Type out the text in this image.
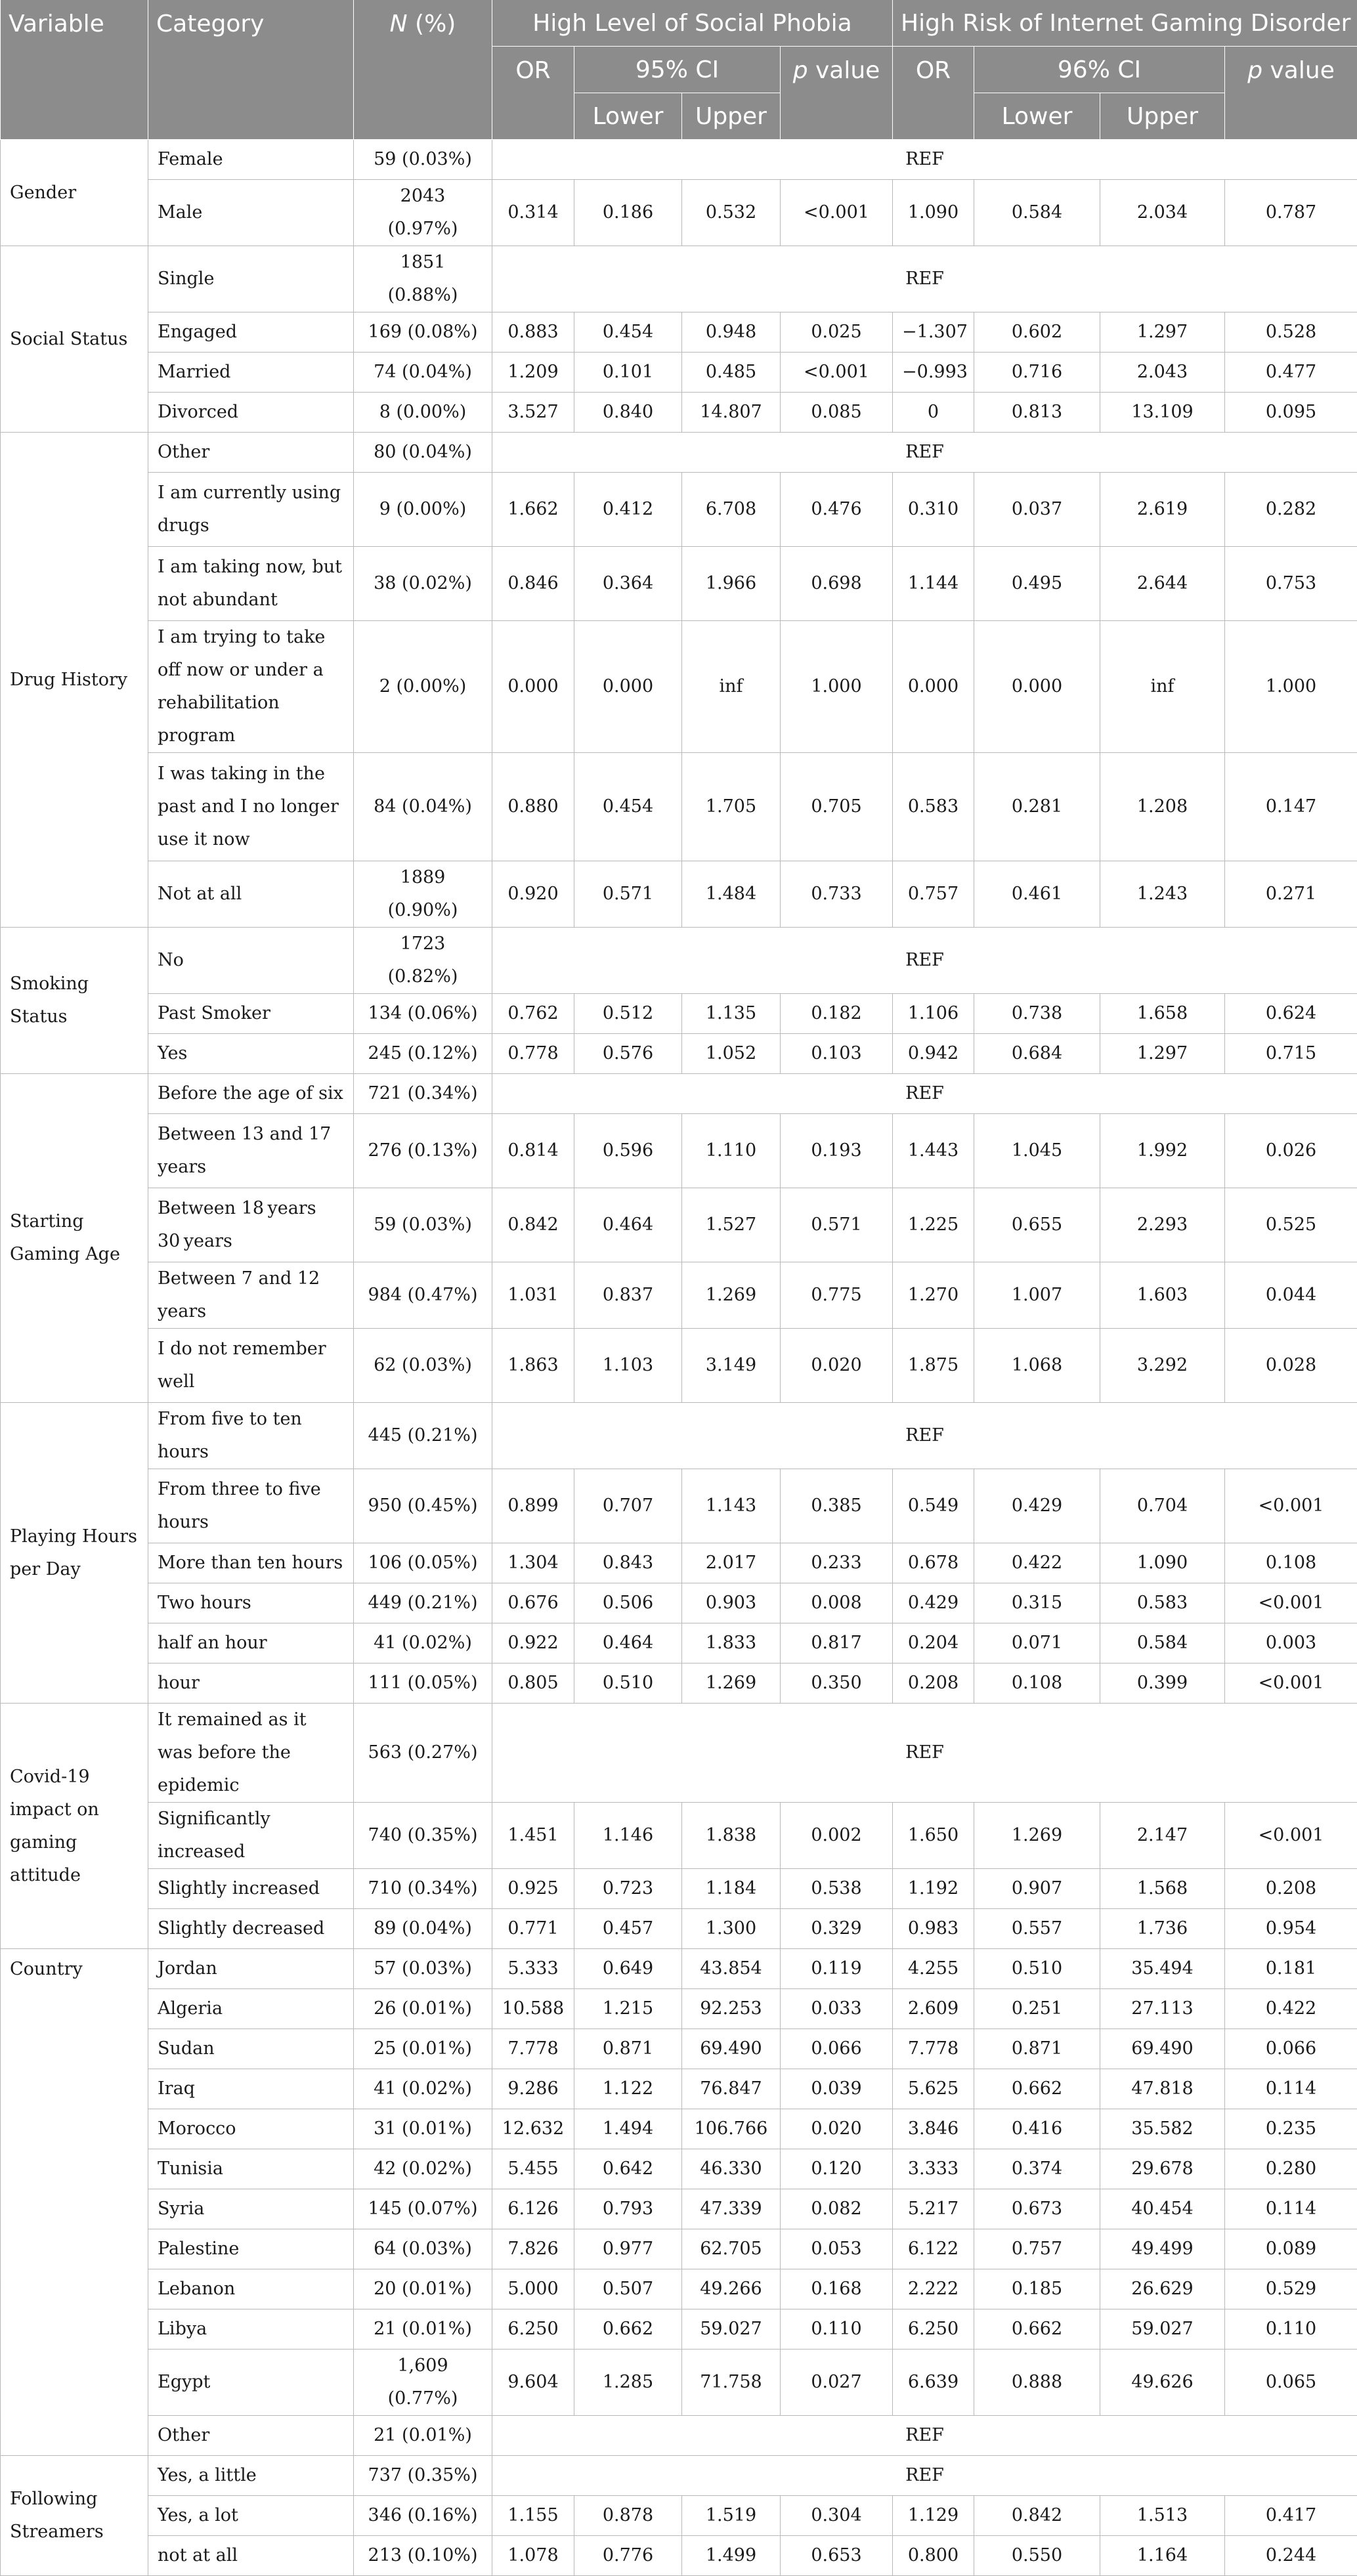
Variable	Category	N (%)	High Level of Social Phobia				High Risk of Internet Gaming Disorder			
			OR	95% CI		p value	OR	96% CI		p value
				Lower	Upper			Lower	Upper	
Gender	Female	59 (0.03%)	REF							
	Male	2043 (0.97%)	0.314	0.186	0.532	<0.001	1.090	0.584	2.034	0.787
Social Status	Single	1851 (0.88%)	REF							
	Engaged	169 (0.08%)	0.883	0.454	0.948	0.025	−1.307	0.602	1.297	0.528
	Married	74 (0.04%)	1.209	0.101	0.485	<0.001	−0.993	0.716	2.043	0.477
	Divorced	8 (0.00%)	3.527	0.840	14.807	0.085	0	0.813	13.109	0.095
Drug History	Other	80 (0.04%)	REF							
	I am currently using drugs	9 (0.00%)	1.662	0.412	6.708	0.476	0.310	0.037	2.619	0.282
	I am taking now, but not abundant	38 (0.02%)	0.846	0.364	1.966	0.698	1.144	0.495	2.644	0.753
	I am trying to take off now or under a rehabilitation program	2 (0.00%)	0.000	0.000	inf	1.000	0.000	0.000	inf	1.000
	I was taking in the past and I no longer use it now	84 (0.04%)	0.880	0.454	1.705	0.705	0.583	0.281	1.208	0.147
	Not at all	1889 (0.90%)	0.920	0.571	1.484	0.733	0.757	0.461	1.243	0.271
Smoking Status	No	1723 (0.82%)	REF							
	Past Smoker	134 (0.06%)	0.762	0.512	1.135	0.182	1.106	0.738	1.658	0.624
	Yes	245 (0.12%)	0.778	0.576	1.052	0.103	0.942	0.684	1.297	0.715
Starting Gaming Age	Before the age of six	721 (0.34%)	REF							
	Between 13 and 17 years	276 (0.13%)	0.814	0.596	1.110	0.193	1.443	1.045	1.992	0.026
	Between 18 years 30 years	59 (0.03%)	0.842	0.464	1.527	0.571	1.225	0.655	2.293	0.525
	Between 7 and 12 years	984 (0.47%)	1.031	0.837	1.269	0.775	1.270	1.007	1.603	0.044
	I do not remember well	62 (0.03%)	1.863	1.103	3.149	0.020	1.875	1.068	3.292	0.028
Playing Hours per Day	From five to ten hours	445 (0.21%)	REF							
	From three to five hours	950 (0.45%)	0.899	0.707	1.143	0.385	0.549	0.429	0.704	<0.001
	More than ten hours	106 (0.05%)	1.304	0.843	2.017	0.233	0.678	0.422	1.090	0.108
	Two hours	449 (0.21%)	0.676	0.506	0.903	0.008	0.429	0.315	0.583	<0.001
	half an hour	41 (0.02%)	0.922	0.464	1.833	0.817	0.204	0.071	0.584	0.003
	hour	111 (0.05%)	0.805	0.510	1.269	0.350	0.208	0.108	0.399	<0.001
Covid-19 impact on gaming attitude	It remained as it was before the epidemic	563 (0.27%)	REF							
	Significantly increased	740 (0.35%)	1.451	1.146	1.838	0.002	1.650	1.269	2.147	<0.001
	Slightly increased	710 (0.34%)	0.925	0.723	1.184	0.538	1.192	0.907	1.568	0.208
	Slightly decreased	89 (0.04%)	0.771	0.457	1.300	0.329	0.983	0.557	1.736	0.954
Country	Jordan	57 (0.03%)	5.333	0.649	43.854	0.119	4.255	0.510	35.494	0.181
	Algeria	26 (0.01%)	10.588	1.215	92.253	0.033	2.609	0.251	27.113	0.422
	Sudan	25 (0.01%)	7.778	0.871	69.490	0.066	7.778	0.871	69.490	0.066
	Iraq	41 (0.02%)	9.286	1.122	76.847	0.039	5.625	0.662	47.818	0.114
	Morocco	31 (0.01%)	12.632	1.494	106.766	0.020	3.846	0.416	35.582	0.235
	Tunisia	42 (0.02%)	5.455	0.642	46.330	0.120	3.333	0.374	29.678	0.280
	Syria	145 (0.07%)	6.126	0.793	47.339	0.082	5.217	0.673	40.454	0.114
	Palestine	64 (0.03%)	7.826	0.977	62.705	0.053	6.122	0.757	49.499	0.089
	Lebanon	20 (0.01%)	5.000	0.507	49.266	0.168	2.222	0.185	26.629	0.529
	Libya	21 (0.01%)	6.250	0.662	59.027	0.110	6.250	0.662	59.027	0.110
	Egypt	1,609 (0.77%)	9.604	1.285	71.758	0.027	6.639	0.888	49.626	0.065
	Other	21 (0.01%)	REF							
Following Streamers	Yes, a little	737 (0.35%)	REF							
	Yes, a lot	346 (0.16%)	1.155	0.878	1.519	0.304	1.129	0.842	1.513	0.417
	not at all	213 (0.10%)	1.078	0.776	1.499	0.653	0.800	0.550	1.164	0.244
